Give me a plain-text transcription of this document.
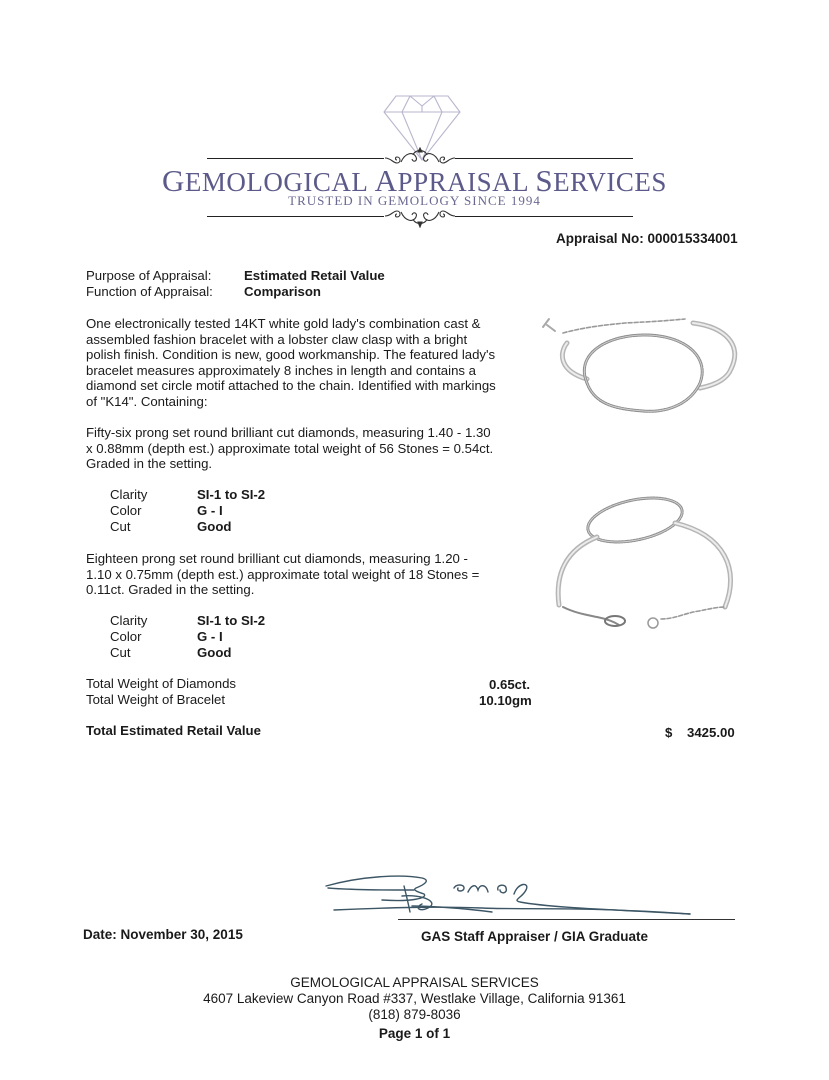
GEMOLOGICAL APPRAISAL SERVICES
TRUSTED IN GEMOLOGY SINCE 1994
Appraisal No: 000015334001
Purpose of Appraisal: Estimated Retail Value
Function of Appraisal: Comparison
One electronically tested 14KT white gold lady's combination cast & assembled fashion bracelet with a lobster claw clasp with a bright polish finish. Condition is new, good workmanship. The featured lady's bracelet measures approximately 8 inches in length and contains a diamond set circle motif attached to the chain. Identified with markings of "K14". Containing:
Fifty-six prong set round brilliant cut diamonds, measuring 1.40 - 1.30 x 0.88mm (depth est.) approximate total weight of 56 Stones = 0.54ct. Graded in the setting.
Clarity	SI-1 to SI-2
Color	G - I
Cut	Good
Eighteen prong set round brilliant cut diamonds, measuring 1.20 - 1.10 x 0.75mm (depth est.) approximate total weight of 18 Stones = 0.11ct. Graded in the setting.
Clarity	SI-1 to SI-2
Color	G - I
Cut	Good
Total Weight of Diamonds	0.65ct.
Total Weight of Bracelet	10.10gm
Total Estimated Retail Value	$ 3425.00
Date: November 30, 2015	GAS Staff Appraiser / GIA Graduate
GEMOLOGICAL APPRAISAL SERVICES
4607 Lakeview Canyon Road #337, Westlake Village, California 91361
(818) 879-8036
Page 1 of 1
